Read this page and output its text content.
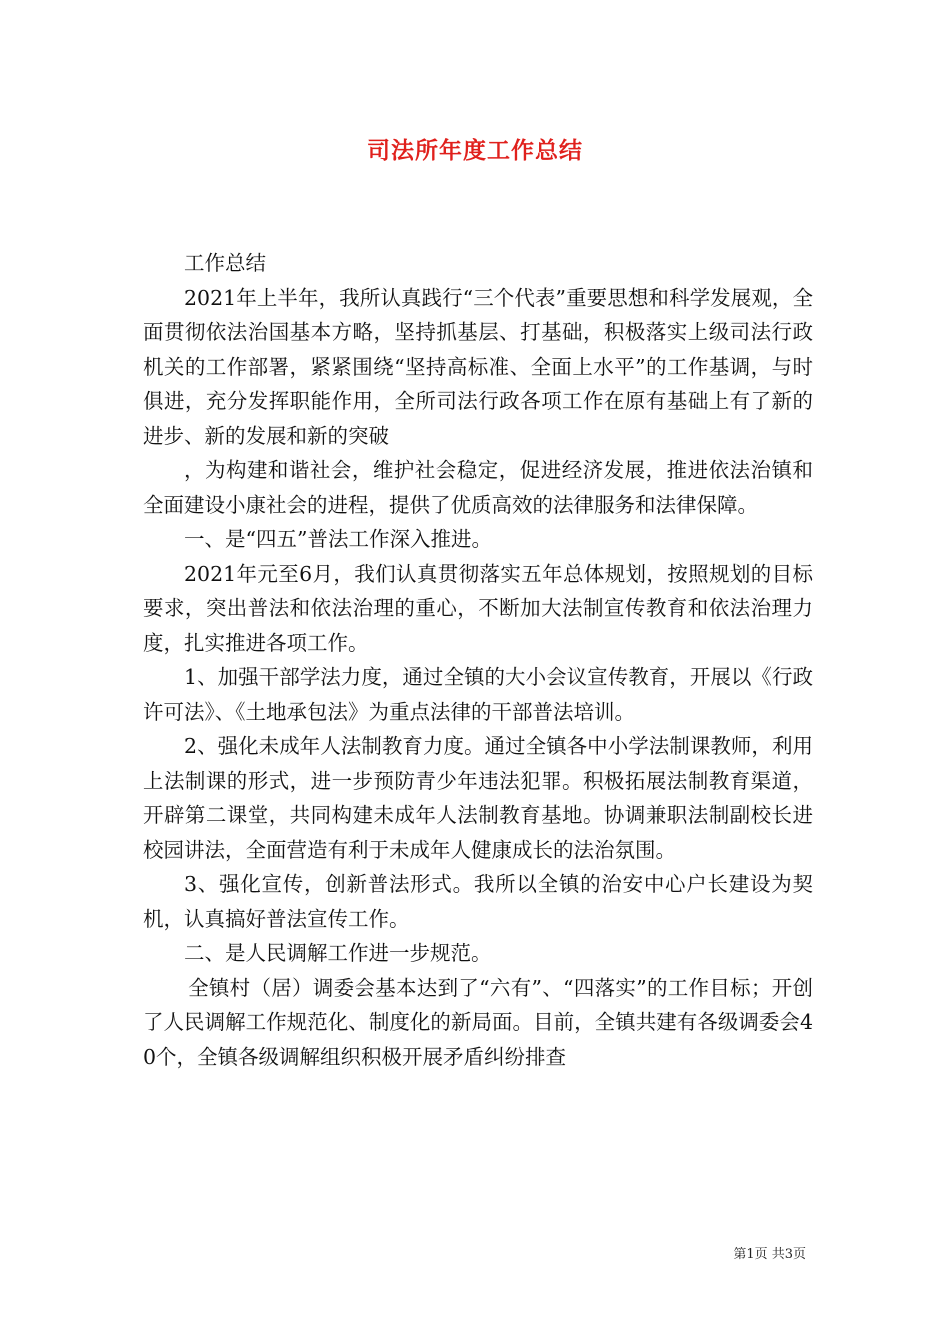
司法所年度工作总结

工作总结

2021年上半年，我所认真践行“三个代表”重要思想和科学发展观，全面贯彻依法治国基本方略，坚持抓基层、打基础，积极落实上级司法行政机关的工作部署，紧紧围绕“坚持高标准、全面上水平”的工作基调，与时俱进，充分发挥职能作用，全所司法行政各项工作在原有基础上有了新的进步、新的发展和新的突破

，为构建和谐社会，维护社会稳定，促进经济发展，推进依法治镇和全面建设小康社会的进程，提供了优质高效的法律服务和法律保障。

一、是“四五”普法工作深入推进。

2021年元至6月，我们认真贯彻落实五年总体规划，按照规划的目标要求，突出普法和依法治理的重心，不断加大法制宣传教育和依法治理力度，扎实推进各项工作。

1、加强干部学法力度，通过全镇的大小会议宣传教育，开展以《行政许可法》、《土地承包法》为重点法律的干部普法培训。

2、强化未成年人法制教育力度。通过全镇各中小学法制课教师，利用上法制课的形式，进一步预防青少年违法犯罪。积极拓展法制教育渠道，开辟第二课堂，共同构建未成年人法制教育基地。协调兼职法制副校长进校园讲法，全面营造有利于未成年人健康成长的法治氛围。

3、强化宣传，创新普法形式。我所以全镇的治安中心户长建设为契机，认真搞好普法宣传工作。

二、是人民调解工作进一步规范。

全镇村（居）调委会基本达到了“六有”、“四落实”的工作目标；开创了人民调解工作规范化、制度化的新局面。目前，全镇共建有各级调委会40个，全镇各级调解组织积极开展矛盾纠纷排查

第1页 共3页
